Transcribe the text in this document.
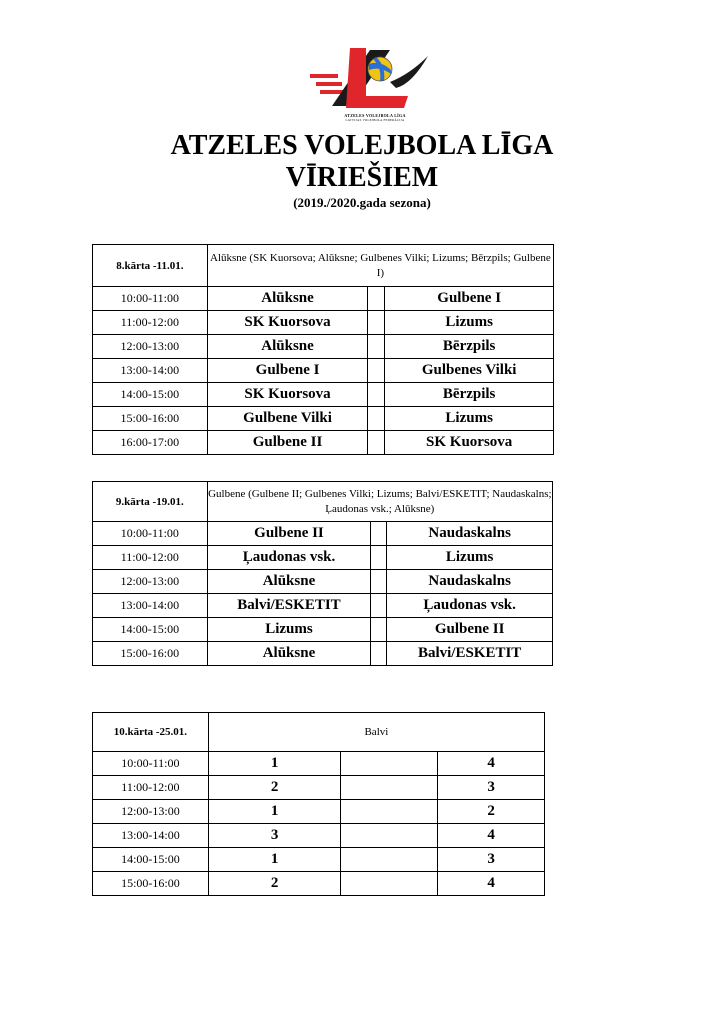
ATZELES VOLEJBOLA LĪGA
LATVIJAS VOLEJBOLA FEDERĀCIJA
ATZELES VOLEJBOLA LĪGA
VĪRIEŠIEM
(2019./2020.gada sezona)
8.kārta -11.01.	Alūksne (SK Kuorsova; Alūksne; Gulbenes Vilki; Lizums; Bērzpils; Gulbene I)		
10:00-11:00	Alūksne		Gulbene I
11:00-12:00	SK Kuorsova		Lizums
12:00-13:00	Alūksne		Bērzpils
13:00-14:00	Gulbene I		Gulbenes Vilki
14:00-15:00	SK Kuorsova		Bērzpils
15:00-16:00	Gulbene Vilki		Lizums
16:00-17:00	Gulbene II		SK Kuorsova
9.kārta -19.01.	Gulbene (Gulbene II; Gulbenes Vilki; Lizums; Balvi/ESKETIT; Naudaskalns; Ļaudonas vsk.; Alūksne)		
10:00-11:00	Gulbene II		Naudaskalns
11:00-12:00	Ļaudonas vsk.		Lizums
12:00-13:00	Alūksne		Naudaskalns
13:00-14:00	Balvi/ESKETIT		Ļaudonas vsk.
14:00-15:00	Lizums		Gulbene II
15:00-16:00	Alūksne		Balvi/ESKETIT
10.kārta -25.01.	Balvi		
10:00-11:00	1		4
11:00-12:00	2		3
12:00-13:00	1		2
13:00-14:00	3		4
14:00-15:00	1		3
15:00-16:00	2		4
